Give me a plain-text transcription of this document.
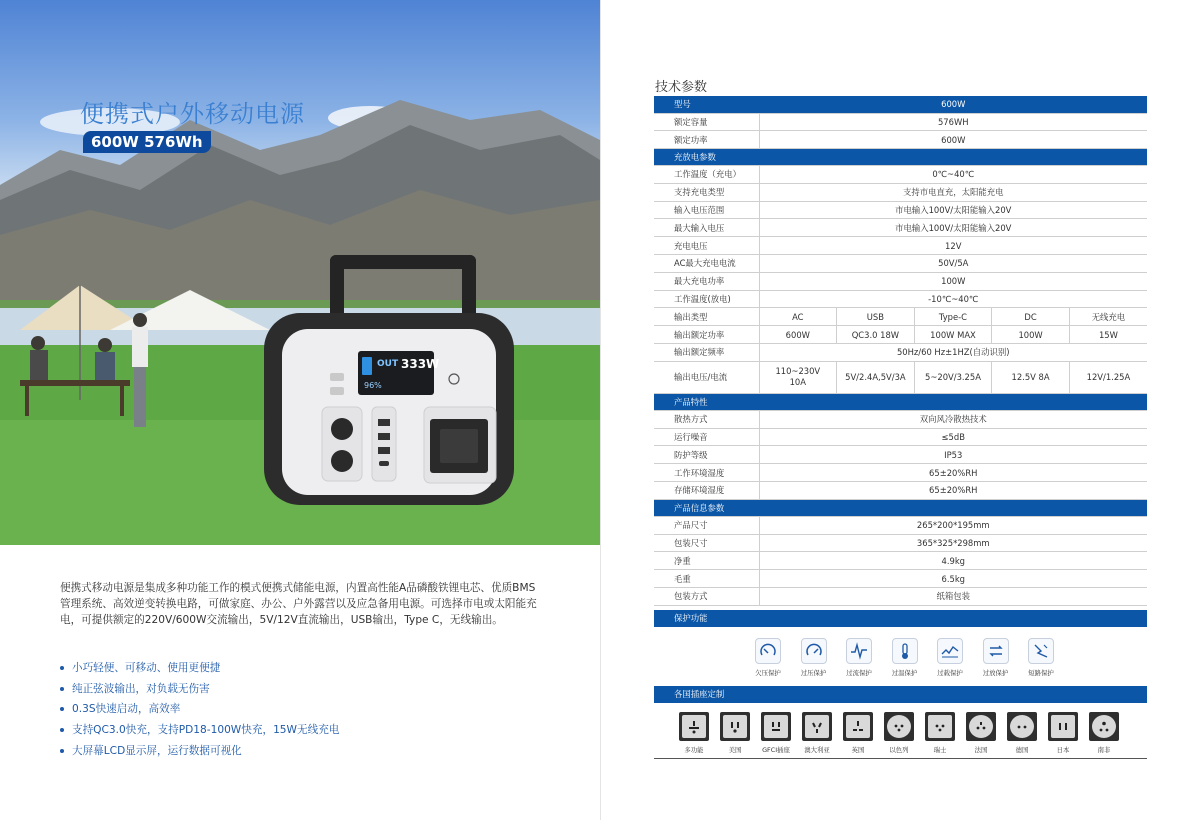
OUT 333W
96%
便携式户外移动电源
600W 576Wh

便携式移动电源是集成多种功能工作的模式便携式储能电源，内置高性能A品磷酸铁锂电芯、优质BMS管理系统、高效逆变转换电路，可做家庭、办公、户外露营以及应急备用电源。可选择市电或太阳能充电，可提供额定的220V/600W交流输出，5V/12V直流输出，USB输出，Type C，无线输出。

小巧轻便、可移动、使用更便捷
纯正弦波输出，对负载无伤害
0.3S快速启动，高效率
支持QC3.0快充，支持PD18-100W快充，15W无线充电
大屏幕LCD显示屏，运行数据可视化
技术参数
型号	600W				
额定容量	576WH				
额定功率	600W				
充放电参数					
工作温度（充电）	0℃~40℃				
支持充电类型	支持市电直充，太阳能充电				
输入电压范围	市电输入100V/太阳能输入20V				
最大输入电压	市电输入100V/太阳能输入20V				
充电电压	12V				
AC最大充电电流	50V/5A				
最大充电功率	100W				
工作温度(放电)	-10℃~40℃				
输出类型	AC	USB	Type-C	DC	无线充电
输出额定功率	600W	QC3.0 18W	100W MAX	100W	15W
输出额定频率	50Hz/60 Hz±1HZ(自动识别)				
输出电压/电流	110~230V
10A	5V/2.4A,5V/3A	5~20V/3.25A	12.5V 8A	12V/1.25A
产品特性					
散热方式	双向风冷散热技术				
运行噪音	≤5dB				
防护等级	IP53				
工作环境湿度	65±20%RH				
存储环境湿度	65±20%RH				
产品信息参数					
产品尺寸	265*200*195mm				
包装尺寸	365*325*298mm				
净重	4.9kg				
毛重	6.5kg				
包装方式	纸箱包装				
保护功能
欠压保护	过压保护	过流保护	过温保护	过载保护	过放保护	短路保护
各国插座定制
多功能	美国	GFCI插座	澳大利亚	英国	以色列	瑞士	法国	德国	日本	南非
